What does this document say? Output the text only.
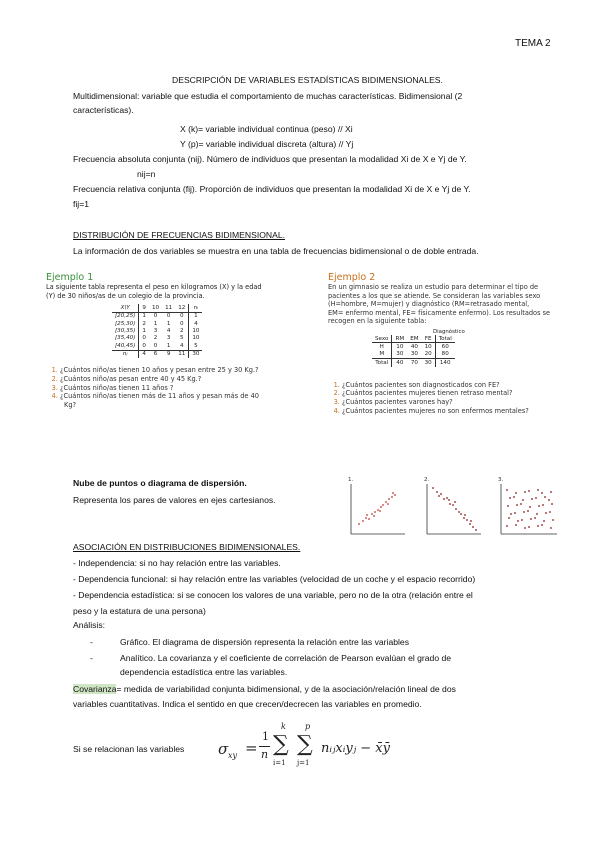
TEMA 2
DESCRIPCIÓN DE VARIABLES ESTADÍSTICAS BIDIMENSIONALES.
Multidimensional: variable que estudia el comportamiento de muchas características. Bidimensional (2
características).
X (k)= variable individual continua (peso) // Xi
Y (p)= variable individual discreta (altura) // Yj
Frecuencia absoluta conjunta (nij). Número de individuos que presentan la modalidad Xi de X e Yj de Y.
nij=n
Frecuencia relativa conjunta (fij). Proporción de individuos que presentan la modalidad Xi de X e Yj de Y.
fij=1
DISTRIBUCIÓN DE FRECUENCIAS BIDIMENSIONAL.
La información de dos variables se muestra en una tabla de frecuencias bidimensional o de doble entrada.
Ejemplo 1
La siguiente tabla representa el peso en kilogramos (X) y la edad
(Y) de 30 niños/as de un colegio de la provincia.
X\Y	9	10	11	12	nᵢ
[20,25)	1	0	0	0	1
[25,30)	2	1	1	0	4
[30,35)	1	3	4	2	10
[35,40)	0	2	3	5	10
[40,45)	0	0	1	4	5
nⱼ	4	6	9	11	30
1. ¿Cuántos niño/as tienen 10 años y pesan entre 25 y 30 Kg.?
2. ¿Cuántos niño/as pesan entre 40 y 45 Kg.?
3. ¿Cuántos niño/as tienen 11 años ?
4. ¿Cuántos niño/as tienen más de 11 años y pesan más de 40
Kg?
Ejemplo 2
En un gimnasio se realiza un estudio para determinar el tipo de
pacientes a los que se atiende. Se consideran las variables sexo
(H=hombre, M=mujer) y diagnóstico (RM=retrasado mental,
EM= enfermo mental, FE= físicamente enfermo). Los resultados se
recogen en la siguiente tabla:
Diagnóstico
Sexo	RM	EM	FE	Total
H	10	40	10	60
M	30	30	20	80
Total	40	70	30	140
1. ¿Cuántos pacientes son diagnosticados con FE?
2. ¿Cuántos pacientes mujeres tienen retraso mental?
3. ¿Cuántos pacientes varones hay?
4. ¿Cuántos pacientes mujeres no son enfermos mentales?
Nube de puntos o diagrama de dispersión.
Representa los pares de valores en ejes cartesianos.
1.	2.	3.
ASOCIACIÓN EN DISTRIBUCIONES BIDIMENSIONALES.
- Independencia: si no hay relación entre las variables.
- Dependencia funcional: si hay relación entre las variables (velocidad de un coche y el espacio recorrido)
- Dependencia estadística: si se conocen los valores de una variable, pero no de la otra (relación entre el
peso y la estatura de una persona)
Análisis:
-	Gráfico. El diagrama de dispersión representa la relación entre las variables
-	Analítico. La covarianza y el coeficiente de correlación de Pearson evalúan el grado de
dependencia estadística entre las variables.
Covarianza= medida de variabilidad conjunta bidimensional, y de la asociación/relación lineal de dos
variables cuantitativas. Indica el sentido en que crecen/decrecen las variables en promedio.
Si se relacionan las variables σ xy =
1
n
k
∑
i=1
p
∑
j=1
nᵢⱼxᵢyⱼ − x̄ȳ
